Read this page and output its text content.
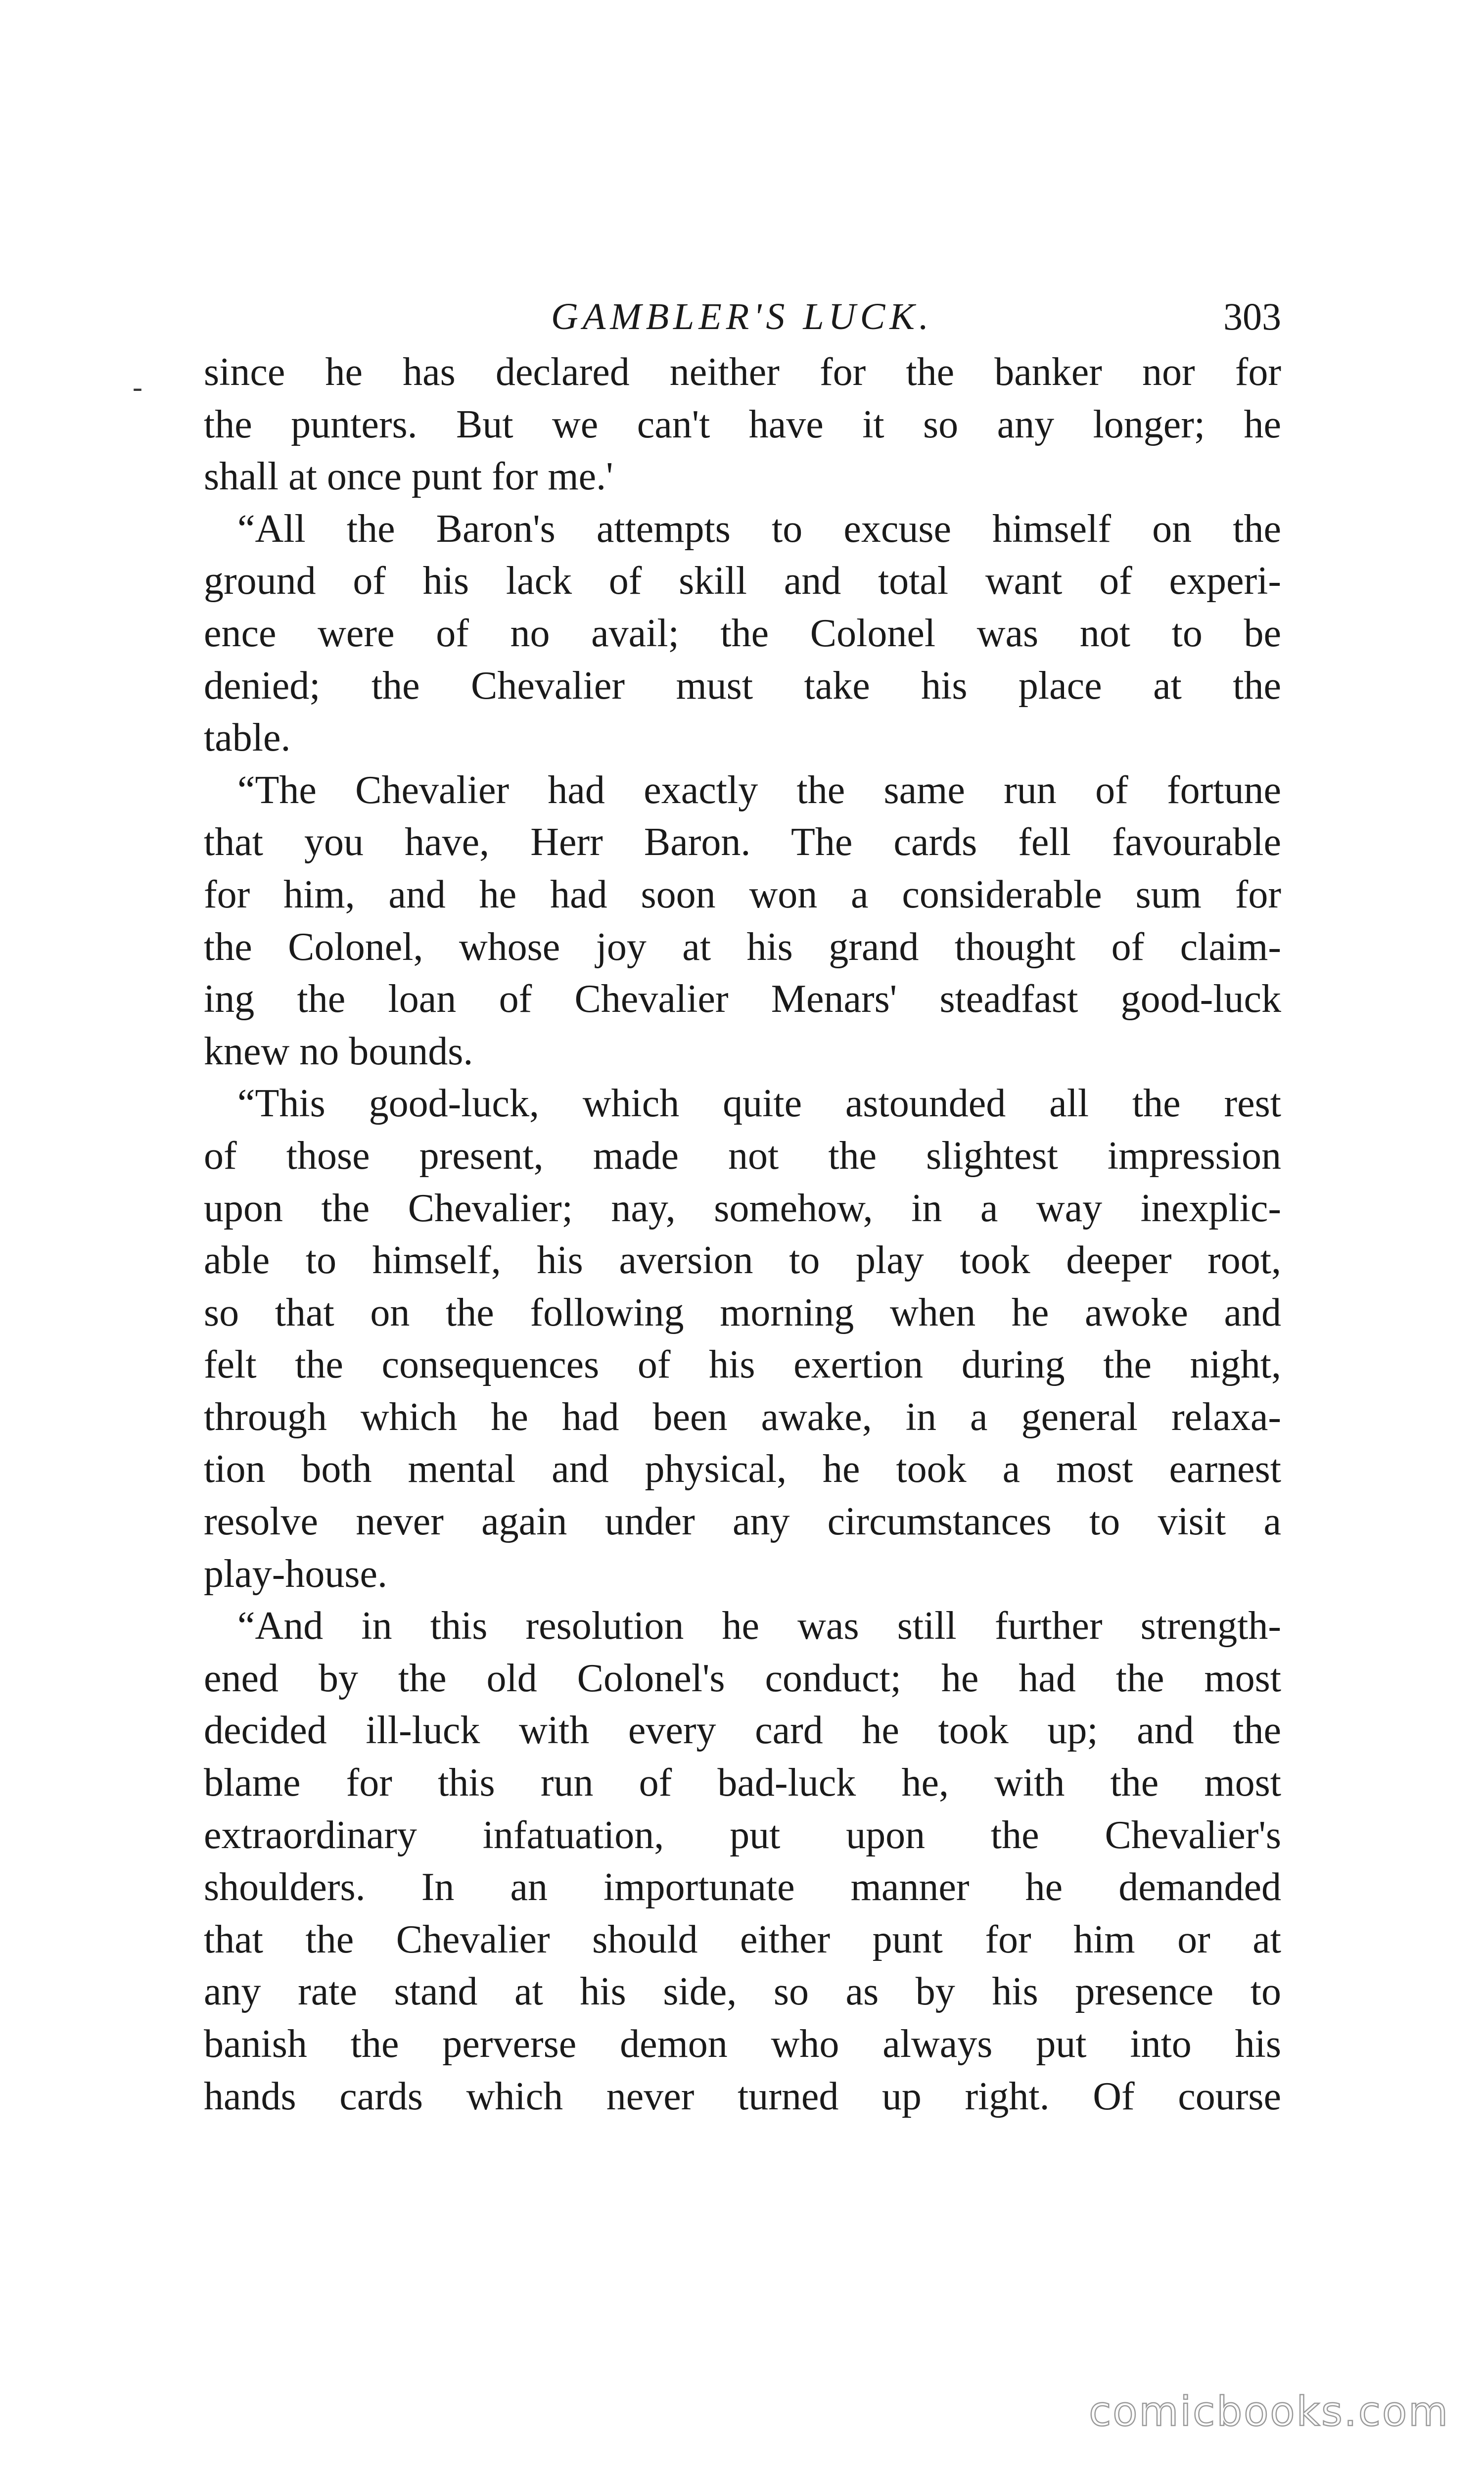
GAMBLER'S LUCK.	303
- since he has declared neither for the banker nor for
the punters. But we can't have it so any longer; he
shall at once punt for me.'
“All the Baron's attempts to excuse himself on the
ground of his lack of skill and total want of experi-
ence were of no avail; the Colonel was not to be
denied; the Chevalier must take his place at the
table.
“The Chevalier had exactly the same run of fortune
that you have, Herr Baron. The cards fell favourable
for him, and he had soon won a considerable sum for
the Colonel, whose joy at his grand thought of claim-
ing the loan of Chevalier Menars' steadfast good-luck
knew no bounds.
“This good-luck, which quite astounded all the rest
of those present, made not the slightest impression
upon the Chevalier; nay, somehow, in a way inexplic-
able to himself, his aversion to play took deeper root,
so that on the following morning when he awoke and
felt the consequences of his exertion during the night,
through which he had been awake, in a general relaxa-
tion both mental and physical, he took a most earnest
resolve never again under any circumstances to visit a
play-house.
“And in this resolution he was still further strength-
ened by the old Colonel's conduct; he had the most
decided ill-luck with every card he took up; and the
blame for this run of bad-luck he, with the most
extraordinary infatuation, put upon the Chevalier's
shoulders. In an importunate manner he demanded
that the Chevalier should either punt for him or at
any rate stand at his side, so as by his presence to
banish the perverse demon who always put into his
hands cards which never turned up right. Of course
comicbooks.com
